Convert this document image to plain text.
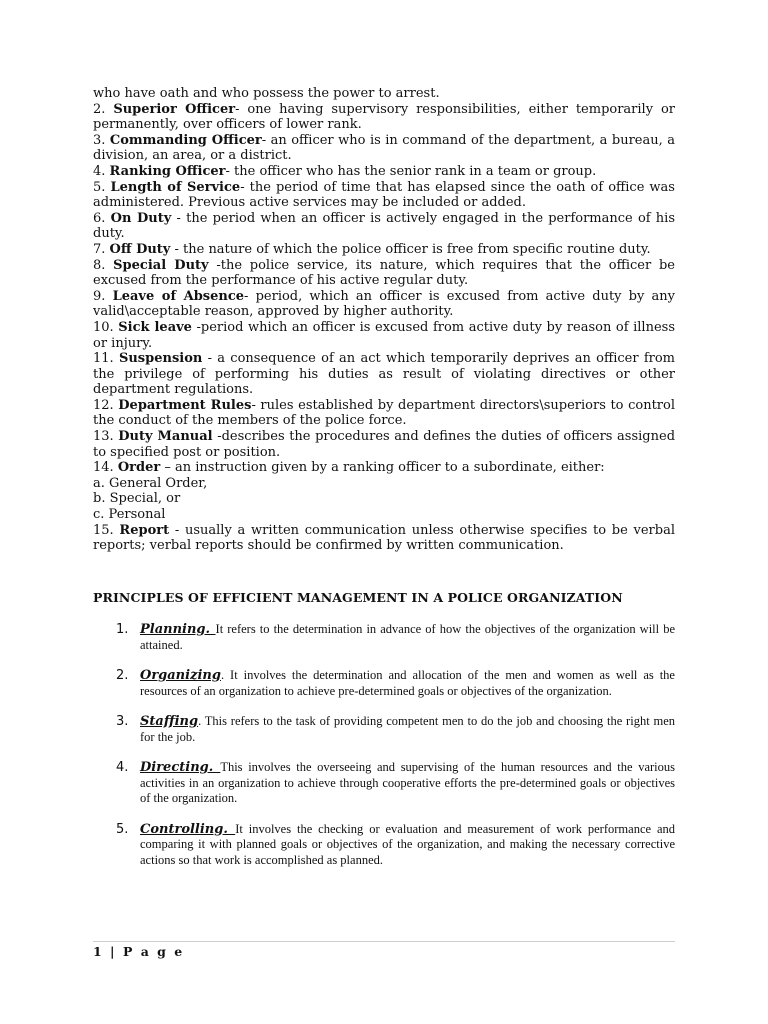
who have oath and who possess the power to arrest.

2. Superior Officer- one having supervisory responsibilities, either temporarily or permanently, over officers of lower rank.

3. Commanding Officer- an officer who is in command of the department, a bureau, a division, an area, or a district.

4. Ranking Officer- the officer who has the senior rank in a team or group.

5. Length of Service- the period of time that has elapsed since the oath of office was administered. Previous active services may be included or added.

6. On Duty - the period when an officer is actively engaged in the performance of his duty.

7. Off Duty - the nature of which the police officer is free from specific routine duty.

8. Special Duty -the police service, its nature, which requires that the officer be excused from the performance of his active regular duty.

9. Leave of Absence- period, which an officer is excused from active duty by any valid\acceptable reason, approved by higher authority.

10. Sick leave -period which an officer is excused from active duty by reason of illness or injury.

11. Suspension - a consequence of an act which temporarily deprives an officer from the privilege of performing his duties as result of violating directives or other department regulations.

12. Department Rules- rules established by department directors\superiors to control the conduct of the members of the police force.

13. Duty Manual -describes the procedures and defines the duties of officers assigned to specified post or position.

14. Order – an instruction given by a ranking officer to a subordinate, either:

a. General Order,

b. Special, or

c. Personal

15. Report - usually a written communication unless otherwise specifies to be verbal reports; verbal reports should be confirmed by written communication.

PRINCIPLES OF EFFICIENT MANAGEMENT IN A POLICE ORGANIZATION
1. Planning. It refers to the determination in advance of how the objectives of the organization will be attained.
2. Organizing. It involves the determination and allocation of the men and women as well as the resources of an organization to achieve pre-determined goals or objectives of the organization.
3. Staffing. This refers to the task of providing competent men to do the job and choosing the right men for the job.
4. Directing. This involves the overseeing and supervising of the human resources and the various activities in an organization to achieve through cooperative efforts the pre-determined goals or objectives of the organization.
5. Controlling. It involves the checking or evaluation and measurement of work performance and comparing it with planned goals or objectives of the organization, and making the necessary corrective actions so that work is accomplished as planned.
1 | P a g e
